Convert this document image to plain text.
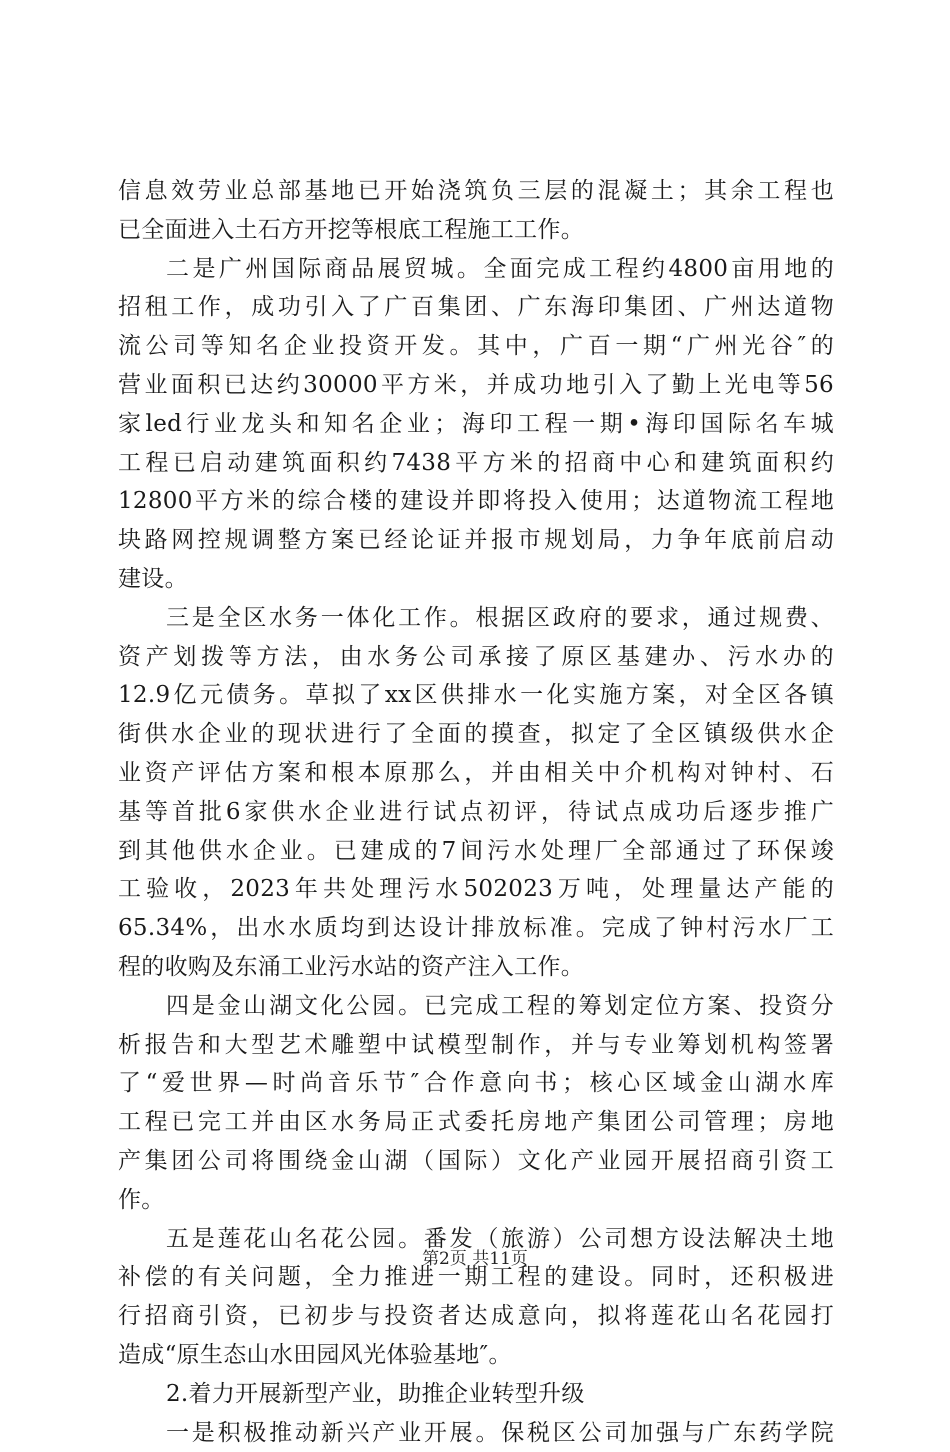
信息效劳业总部基地已开始浇筑负三层的混凝土；其余工程也
已全面进入土石方开挖等根底工程施工工作。
二是广州国际商品展贸城。全面完成工程约4800亩用地的
招租工作，成功引入了广百集团、广东海印集团、广州达道物
流公司等知名企业投资开发。其中，广百一期“广州光谷″的
营业面积已达约30000平方米，并成功地引入了勤上光电等56
家led行业龙头和知名企业；海印工程一期•海印国际名车城
工程已启动建筑面积约7438平方米的招商中心和建筑面积约
12800平方米的综合楼的建设并即将投入使用；达道物流工程地
块路网控规调整方案已经论证并报市规划局，力争年底前启动
建设。
三是全区水务一体化工作。根据区政府的要求，通过规费、
资产划拨等方法，由水务公司承接了原区基建办、污水办的
12.9亿元债务。草拟了xx区供排水一化实施方案，对全区各镇
街供水企业的现状进行了全面的摸查，拟定了全区镇级供水企
业资产评估方案和根本原那么，并由相关中介机构对钟村、石
基等首批6家供水企业进行试点初评，待试点成功后逐步推广
到其他供水企业。已建成的7间污水处理厂全部通过了环保竣
工验收，2023年共处理污水502023万吨，处理量达产能的
65.34%，出水水质均到达设计排放标准。完成了钟村污水厂工
程的收购及东涌工业污水站的资产注入工作。
四是金山湖文化公园。已完成工程的筹划定位方案、投资分
析报告和大型艺术雕塑中试模型制作，并与专业筹划机构签署
了“爱世界—时尚音乐节″合作意向书；核心区域金山湖水库
工程已完工并由区水务局正式委托房地产集团公司管理；房地
产集团公司将围绕金山湖（国际）文化产业园开展招商引资工
作。
五是莲花山名花公园。番发（旅游）公司想方设法解决土地
补偿的有关问题，全力推进一期工程的建设。同时，还积极进
行招商引资，已初步与投资者达成意向，拟将莲花山名花园打
造成“原生态山水田园风光体验基地″。
2.着力开展新型产业，助推企业转型升级
一是积极推动新兴产业开展。保税区公司加强与广东药学院
第2页 共11页
